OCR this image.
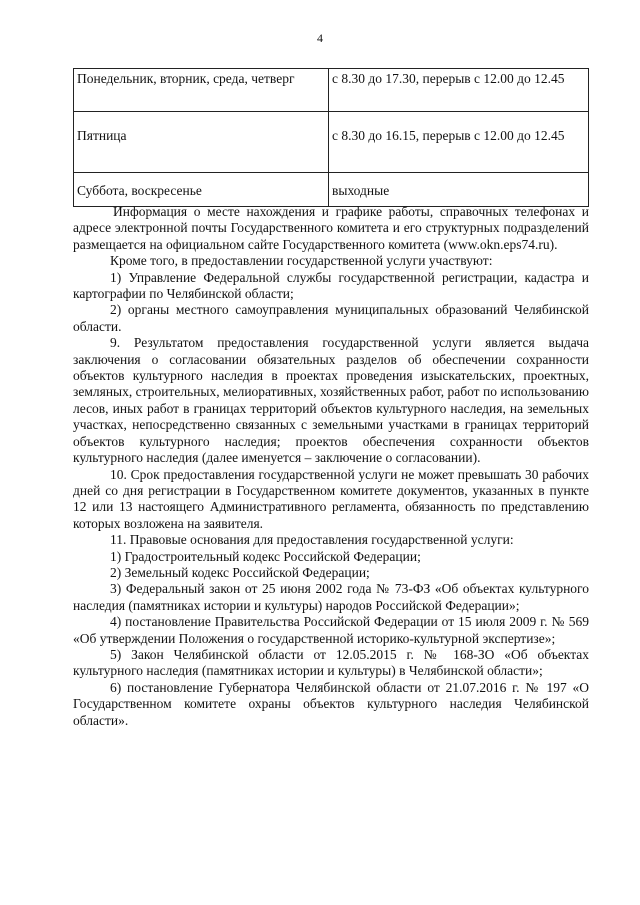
4
Понедельник, вторник, среда, четверг	с 8.30 до 17.30, перерыв с 12.00 до 12.45
Пятница	с 8.30 до 16.15, перерыв с 12.00 до 12.45
Суббота, воскресенье	выходные

Информация о месте нахождения и графике работы, справочных телефонах и адресе электронной почты Государственного комитета и его структурных подразделений размещается на официальном сайте Государственного комитета (www.okn.eps74.ru).

Кроме того, в предоставлении государственной услуги участвуют:

1) Управление Федеральной службы государственной регистрации, кадастра и картографии по Челябинской области;

2) органы местного самоуправления муниципальных образований Челябинской области.

9. Результатом предоставления государственной услуги является выдача заключения о согласовании обязательных разделов об обеспечении сохранности объектов культурного наследия в проектах проведения изыскательских, проектных, земляных, строительных, мелиоративных, хозяйственных работ, работ по использованию лесов, иных работ в границах территорий объектов культурного наследия, на земельных участках, непосредственно связанных с земельными участками в границах территорий объектов культурного наследия; проектов обеспечения сохранности объектов культурного наследия (далее именуется – заключение о согласовании).

10. Срок предоставления государственной услуги не может превышать 30 рабочих дней со дня регистрации в Государственном комитете документов, указанных в пункте 12 или 13 настоящего Административного регламента, обязанность по представлению которых возложена на заявителя.

11. Правовые основания для предоставления государственной услуги:

1) Градостроительный кодекс Российской Федерации;

2) Земельный кодекс Российской Федерации;

3) Федеральный закон от 25 июня 2002 года № 73-ФЗ «Об объектах культурного наследия (памятниках истории и культуры) народов Российской Федерации»;

4) постановление Правительства Российской Федерации от 15 июля 2009 г. № 569 «Об утверждении Положения о государственной историко-культурной экспертизе»;

5) Закон Челябинской области от 12.05.2015 г. № 168-ЗО «Об объектах культурного наследия (памятниках истории и культуры) в Челябинской области»;

6) постановление Губернатора Челябинской области от 21.07.2016 г. № 197 «О Государственном комитете охраны объектов культурного наследия Челябинской области».
